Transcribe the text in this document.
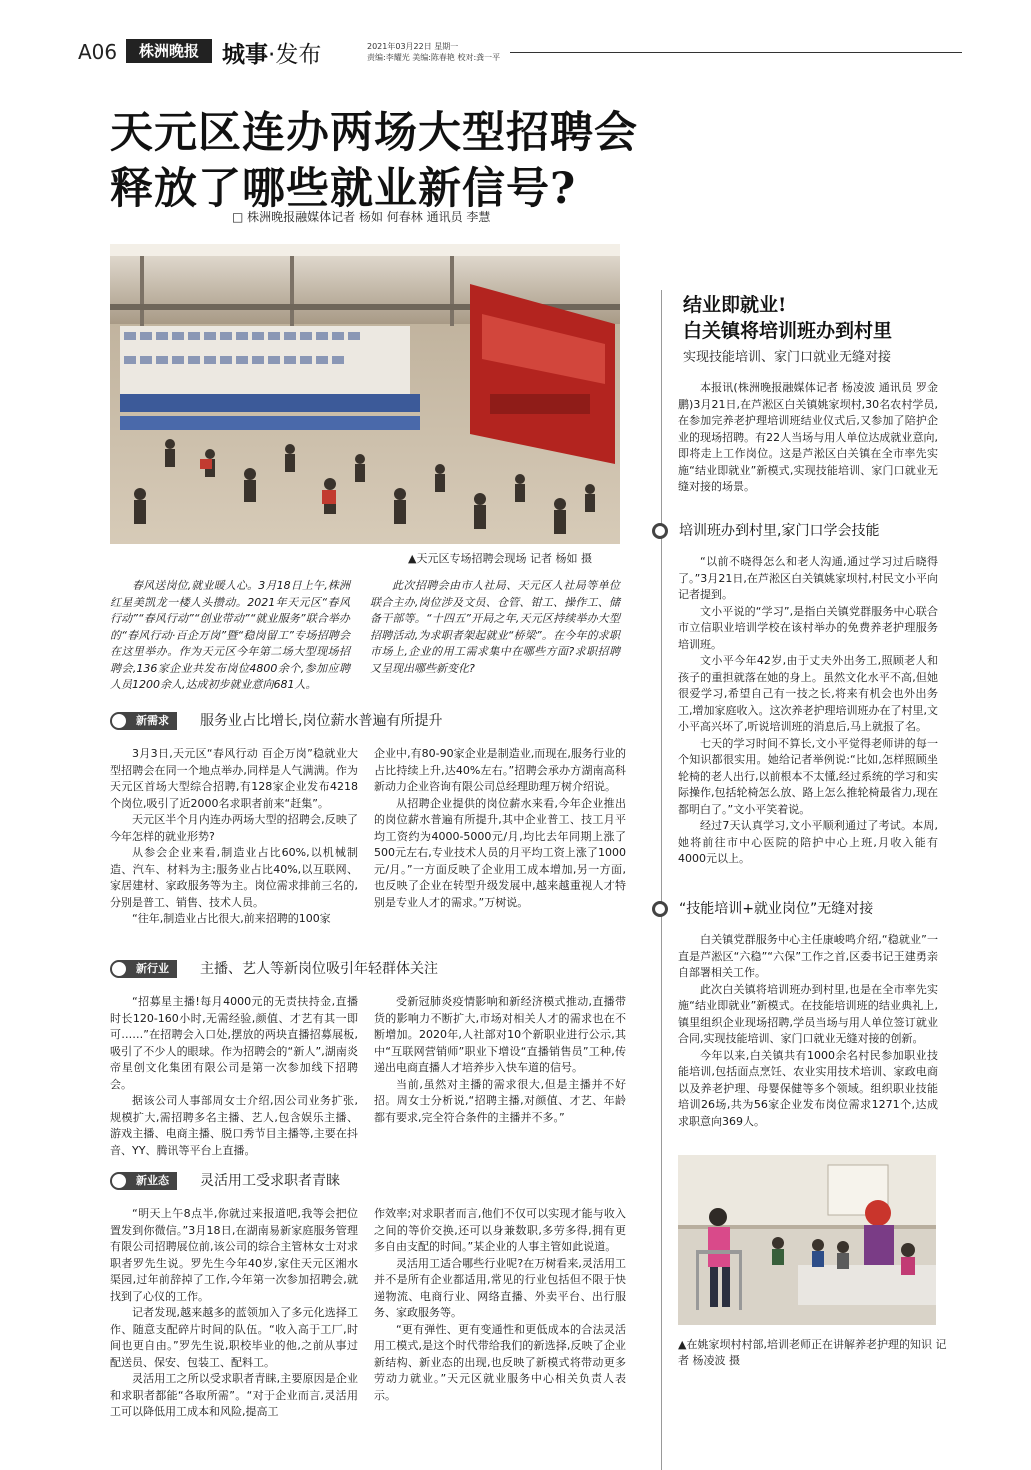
A06	株洲晚报	城事·发布	2021年03月22日 星期一
责编:李耀光 美编:陈春艳 校对:龚一平
天元区连办两场大型招聘会
释放了哪些就业新信号?
□ 株洲晚报融媒体记者 杨如 何春林 通讯员 李慧
▲天元区专场招聘会现场 记者 杨如 摄

春风送岗位,就业暖人心。3月18日上午,株洲红星美凯龙一楼人头攒动。2021年天元区“春风行动”“春风行动”“创业带动”“就业服务”联合举办的“春风行动·百企万岗”暨“稳岗留工”专场招聘会在这里举办。作为天元区今年第二场大型现场招聘会,136家企业共发布岗位4800余个,参加应聘人员1200余人,达成初步就业意向681人。

此次招聘会由市人社局、天元区人社局等单位联合主办,岗位涉及文员、仓管、钳工、操作工、储备干部等。“十四五”开局之年,天元区持续举办大型招聘活动,为求职者架起就业“桥梁”。在今年的求职市场上,企业的用工需求集中在哪些方面?求职招聘又呈现出哪些新变化?

新需求	服务业占比增长,岗位薪水普遍有所提升

3月3日,天元区“春风行动 百企万岗”稳就业大型招聘会在同一个地点举办,同样是人气满满。作为天元区首场大型综合招聘,有128家企业发布4218个岗位,吸引了近2000名求职者前来“赶集”。

天元区半个月内连办两场大型的招聘会,反映了今年怎样的就业形势?

从参会企业来看,制造业占比60%,以机械制造、汽车、材料为主;服务业占比40%,以互联网、家居建材、家政服务等为主。岗位需求排前三名的,分别是普工、销售、技术人员。

“往年,制造业占比很大,前来招聘的100家

企业中,有80-90家企业是制造业,而现在,服务行业的占比持续上升,达40%左右。”招聘会承办方湖南高科新动力企业咨询有限公司总经理助理万树介绍说。

从招聘企业提供的岗位薪水来看,今年企业推出的岗位薪水普遍有所提升,其中企业普工、技工月平均工资约为4000-5000元/月,均比去年同期上涨了500元左右,专业技术人员的月平均工资上涨了1000元/月。”一方面反映了企业用工成本增加,另一方面,也反映了企业在转型升级发展中,越来越重视人才特别是专业人才的需求。”万树说。

新行业	主播、艺人等新岗位吸引年轻群体关注

“招募星主播!每月4000元的无责扶持金,直播时长120-160小时,无需经验,颜值、才艺有其一即可……”在招聘会入口处,摆放的两块直播招募展板,吸引了不少人的眼球。作为招聘会的“新人”,湖南炎帝星创文化集团有限公司是第一次参加线下招聘会。

据该公司人事部周女士介绍,因公司业务扩张,规模扩大,需招聘多名主播、艺人,包含娱乐主播、游戏主播、电商主播、脱口秀节目主播等,主要在抖音、YY、腾讯等平台上直播。

受新冠肺炎疫情影响和新经济模式推动,直播带货的影响力不断扩大,市场对相关人才的需求也在不断增加。2020年,人社部对10个新职业进行公示,其中“互联网营销师”职业下增设“直播销售员”工种,传递出电商直播人才培养步入快车道的信号。

当前,虽然对主播的需求很大,但是主播并不好招。周女士分析说,“招聘主播,对颜值、才艺、年龄都有要求,完全符合条件的主播并不多。”

新业态	灵活用工受求职者青睐

“明天上午8点半,你就过来报道吧,我等会把位置发到你微信。”3月18日,在湖南易新家庭服务管理有限公司招聘展位前,该公司的综合主管林女士对求职者罗先生说。罗先生今年40岁,家住天元区湘水渠园,过年前辞掉了工作,今年第一次参加招聘会,就找到了心仪的工作。

记者发现,越来越多的蓝领加入了多元化选择工作、随意支配碎片时间的队伍。“收入高于工厂,时间也更自由。”罗先生说,职校毕业的他,之前从事过配送员、保安、包装工、配料工。

灵活用工之所以受求职者青睐,主要原因是企业和求职者都能“各取所需”。“对于企业而言,灵活用工可以降低用工成本和风险,提高工

作效率;对求职者而言,他们不仅可以实现才能与收入之间的等价交换,还可以身兼数职,多劳多得,拥有更多自由支配的时间。”某企业的人事主管如此说道。

灵活用工适合哪些行业呢?在万树看来,灵活用工并不是所有企业都适用,常见的行业包括但不限于快递物流、电商行业、网络直播、外卖平台、出行服务、家政服务等。

“更有弹性、更有变通性和更低成本的合法灵活用工模式,是这个时代带给我们的新选择,反映了企业新结构、新业态的出现,也反映了新模式将带动更多劳动力就业。”天元区就业服务中心相关负责人表示。

结业即就业!
白关镇将培训班办到村里
实现技能培训、家门口就业无缝对接

本报讯(株洲晚报融媒体记者 杨凌波 通讯员 罗金鹏)3月21日,在芦淞区白关镇姚家坝村,30名农村学员,在参加完养老护理培训班结业仪式后,又参加了陪护企业的现场招聘。有22人当场与用人单位达成就业意向,即将走上工作岗位。这是芦淞区白关镇在全市率先实施“结业即就业”新模式,实现技能培训、家门口就业无缝对接的场景。

培训班办到村里,家门口学会技能

“以前不晓得怎么和老人沟通,通过学习过后晓得了。”3月21日,在芦淞区白关镇姚家坝村,村民文小平向记者提到。

文小平说的“学习”,是指白关镇党群服务中心联合市立信职业培训学校在该村举办的免费养老护理服务培训班。

文小平今年42岁,由于丈夫外出务工,照顾老人和孩子的重担就落在她的身上。虽然文化水平不高,但她很爱学习,希望自己有一技之长,将来有机会也外出务工,增加家庭收入。这次养老护理培训班办在了村里,文小平高兴坏了,听说培训班的消息后,马上就报了名。

七天的学习时间不算长,文小平觉得老师讲的每一个知识都很实用。她给记者举例说:“比如,怎样照顾坐轮椅的老人出行,以前根本不太懂,经过系统的学习和实际操作,包括轮椅怎么放、路上怎么推轮椅最省力,现在都明白了。”文小平笑着说。

经过7天认真学习,文小平顺利通过了考试。本周,她将前往市中心医院的陪护中心上班,月收入能有4000元以上。

“技能培训+就业岗位”无缝对接

白关镇党群服务中心主任康峻鸣介绍,“稳就业”一直是芦淞区“六稳”“六保”工作之首,区委书记王建勇亲自部署相关工作。

此次白关镇将培训班办到村里,也是在全市率先实施“结业即就业”新模式。在技能培训班的结业典礼上,镇里组织企业现场招聘,学员当场与用人单位签订就业合同,实现技能培训、家门口就业无缝对接的创新。

今年以来,白关镇共有1000余名村民参加职业技能培训,包括面点烹饪、农业实用技术培训、家政电商以及养老护理、母婴保健等多个领域。组织职业技能培训26场,共为56家企业发布岗位需求1271个,达成求职意向369人。

▲在姚家坝村村部,培训老师正在讲解养老护理的知识 记者 杨凌波 摄
